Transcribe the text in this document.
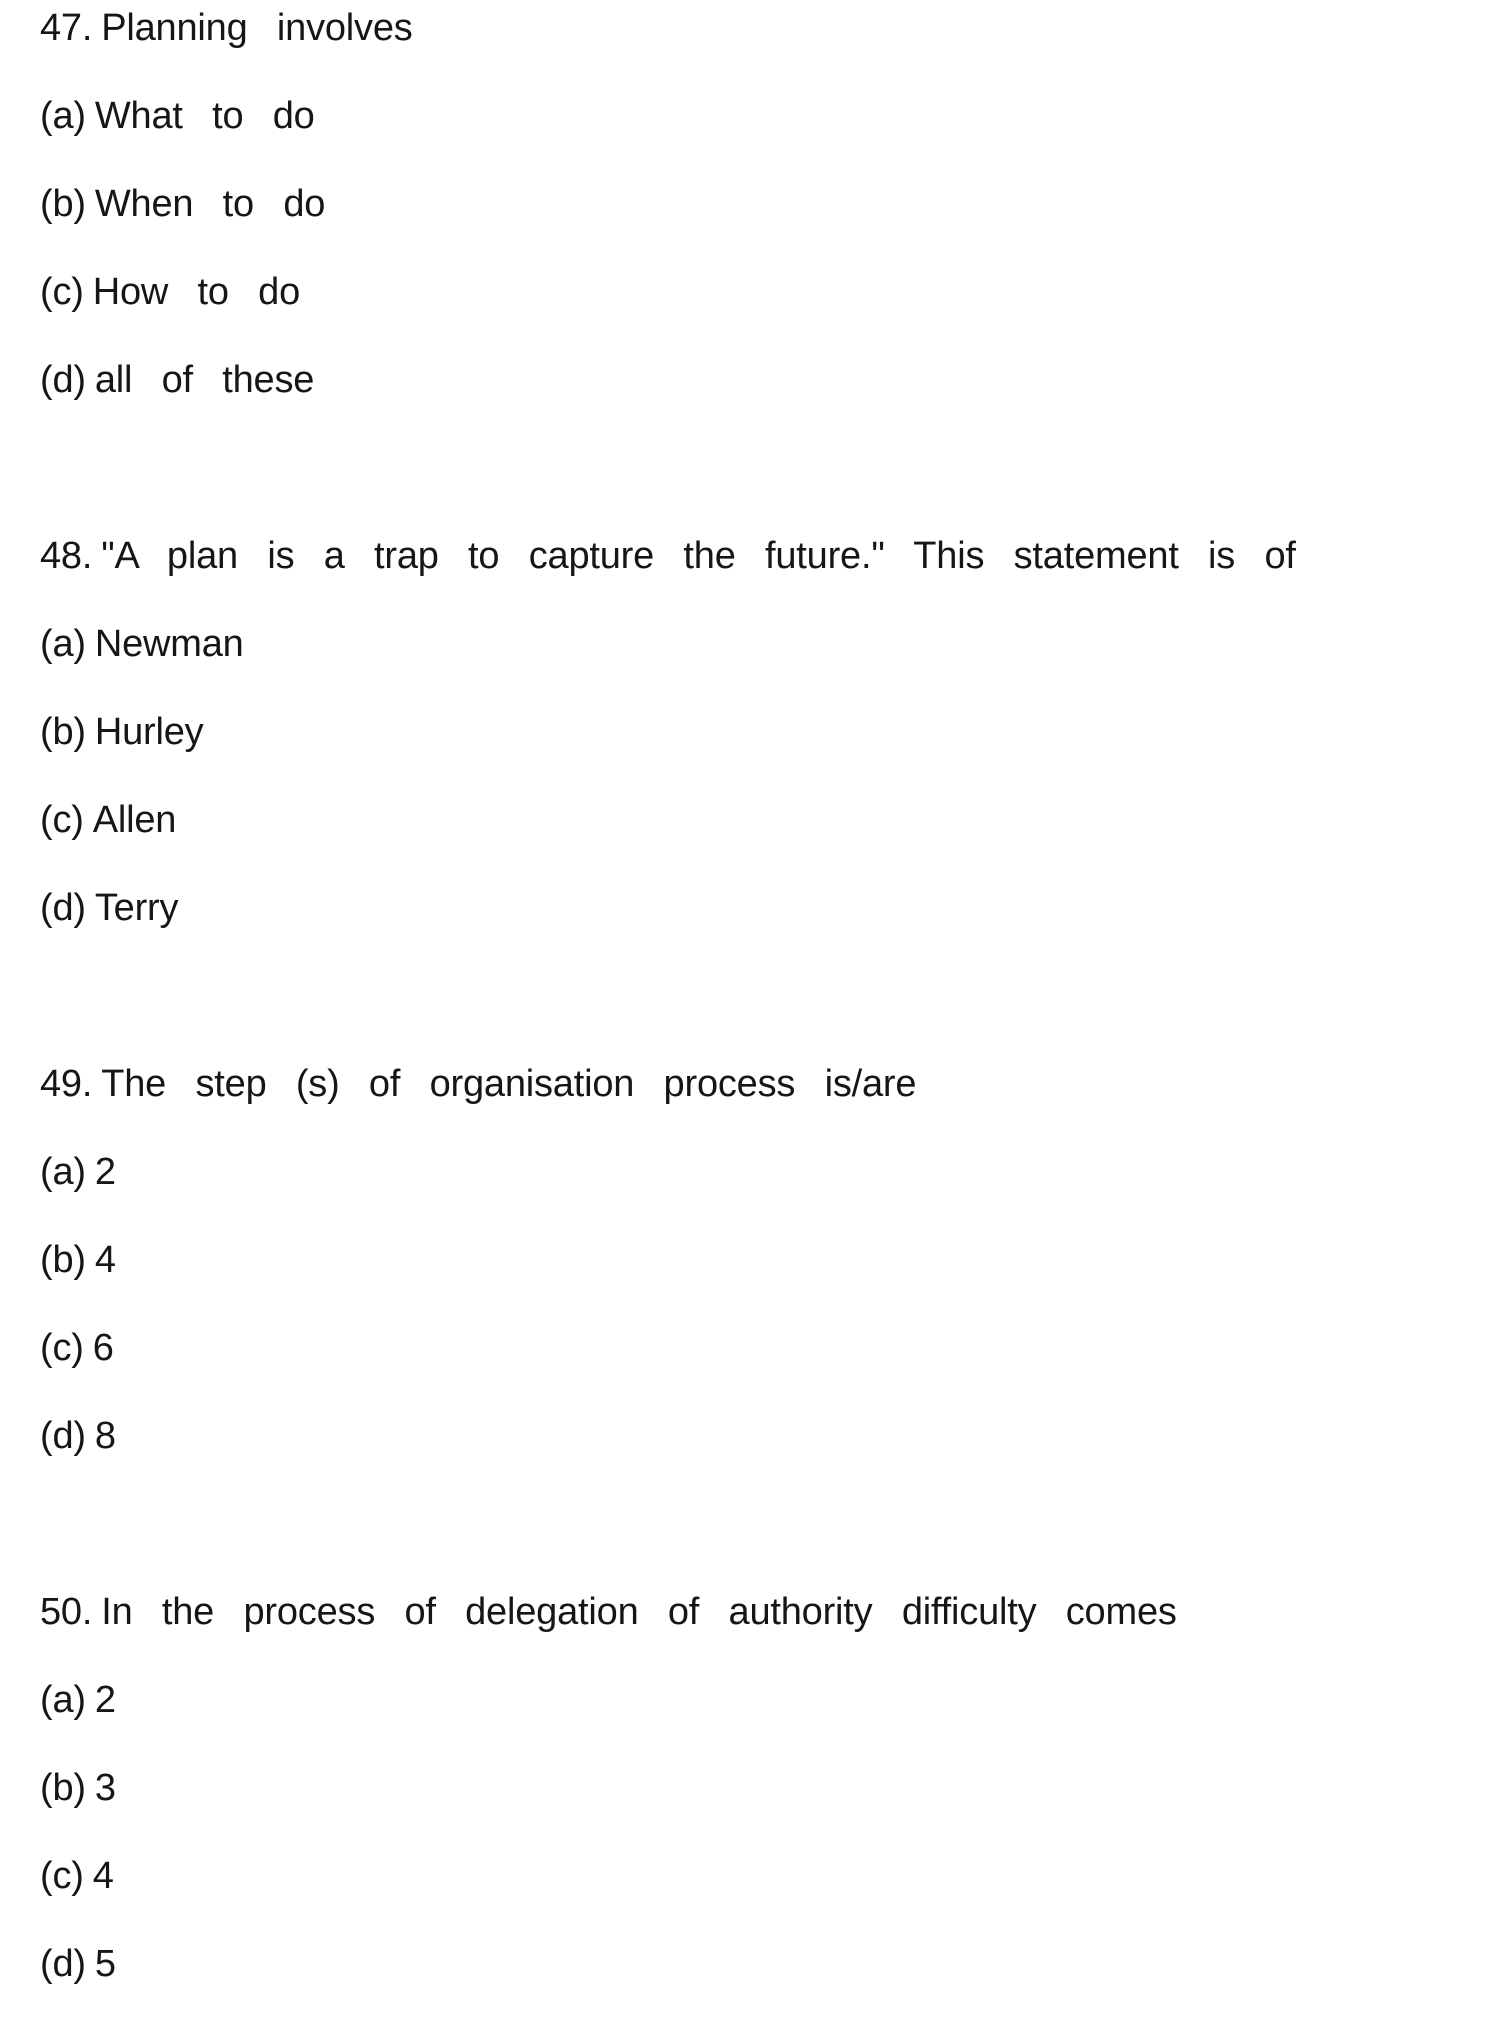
47. Planning involves
(a) What to do
(b) When to do
(c) How to do
(d) all of these
48. "A plan is a trap to capture the future." This statement is of
(a) Newman
(b) Hurley
(c) Allen
(d) Terry
49. The step (s) of organisation process is/are
(a) 2
(b) 4
(c) 6
(d) 8
50. In the process of delegation of authority difficulty comes
(a) 2
(b) 3
(c) 4
(d) 5
